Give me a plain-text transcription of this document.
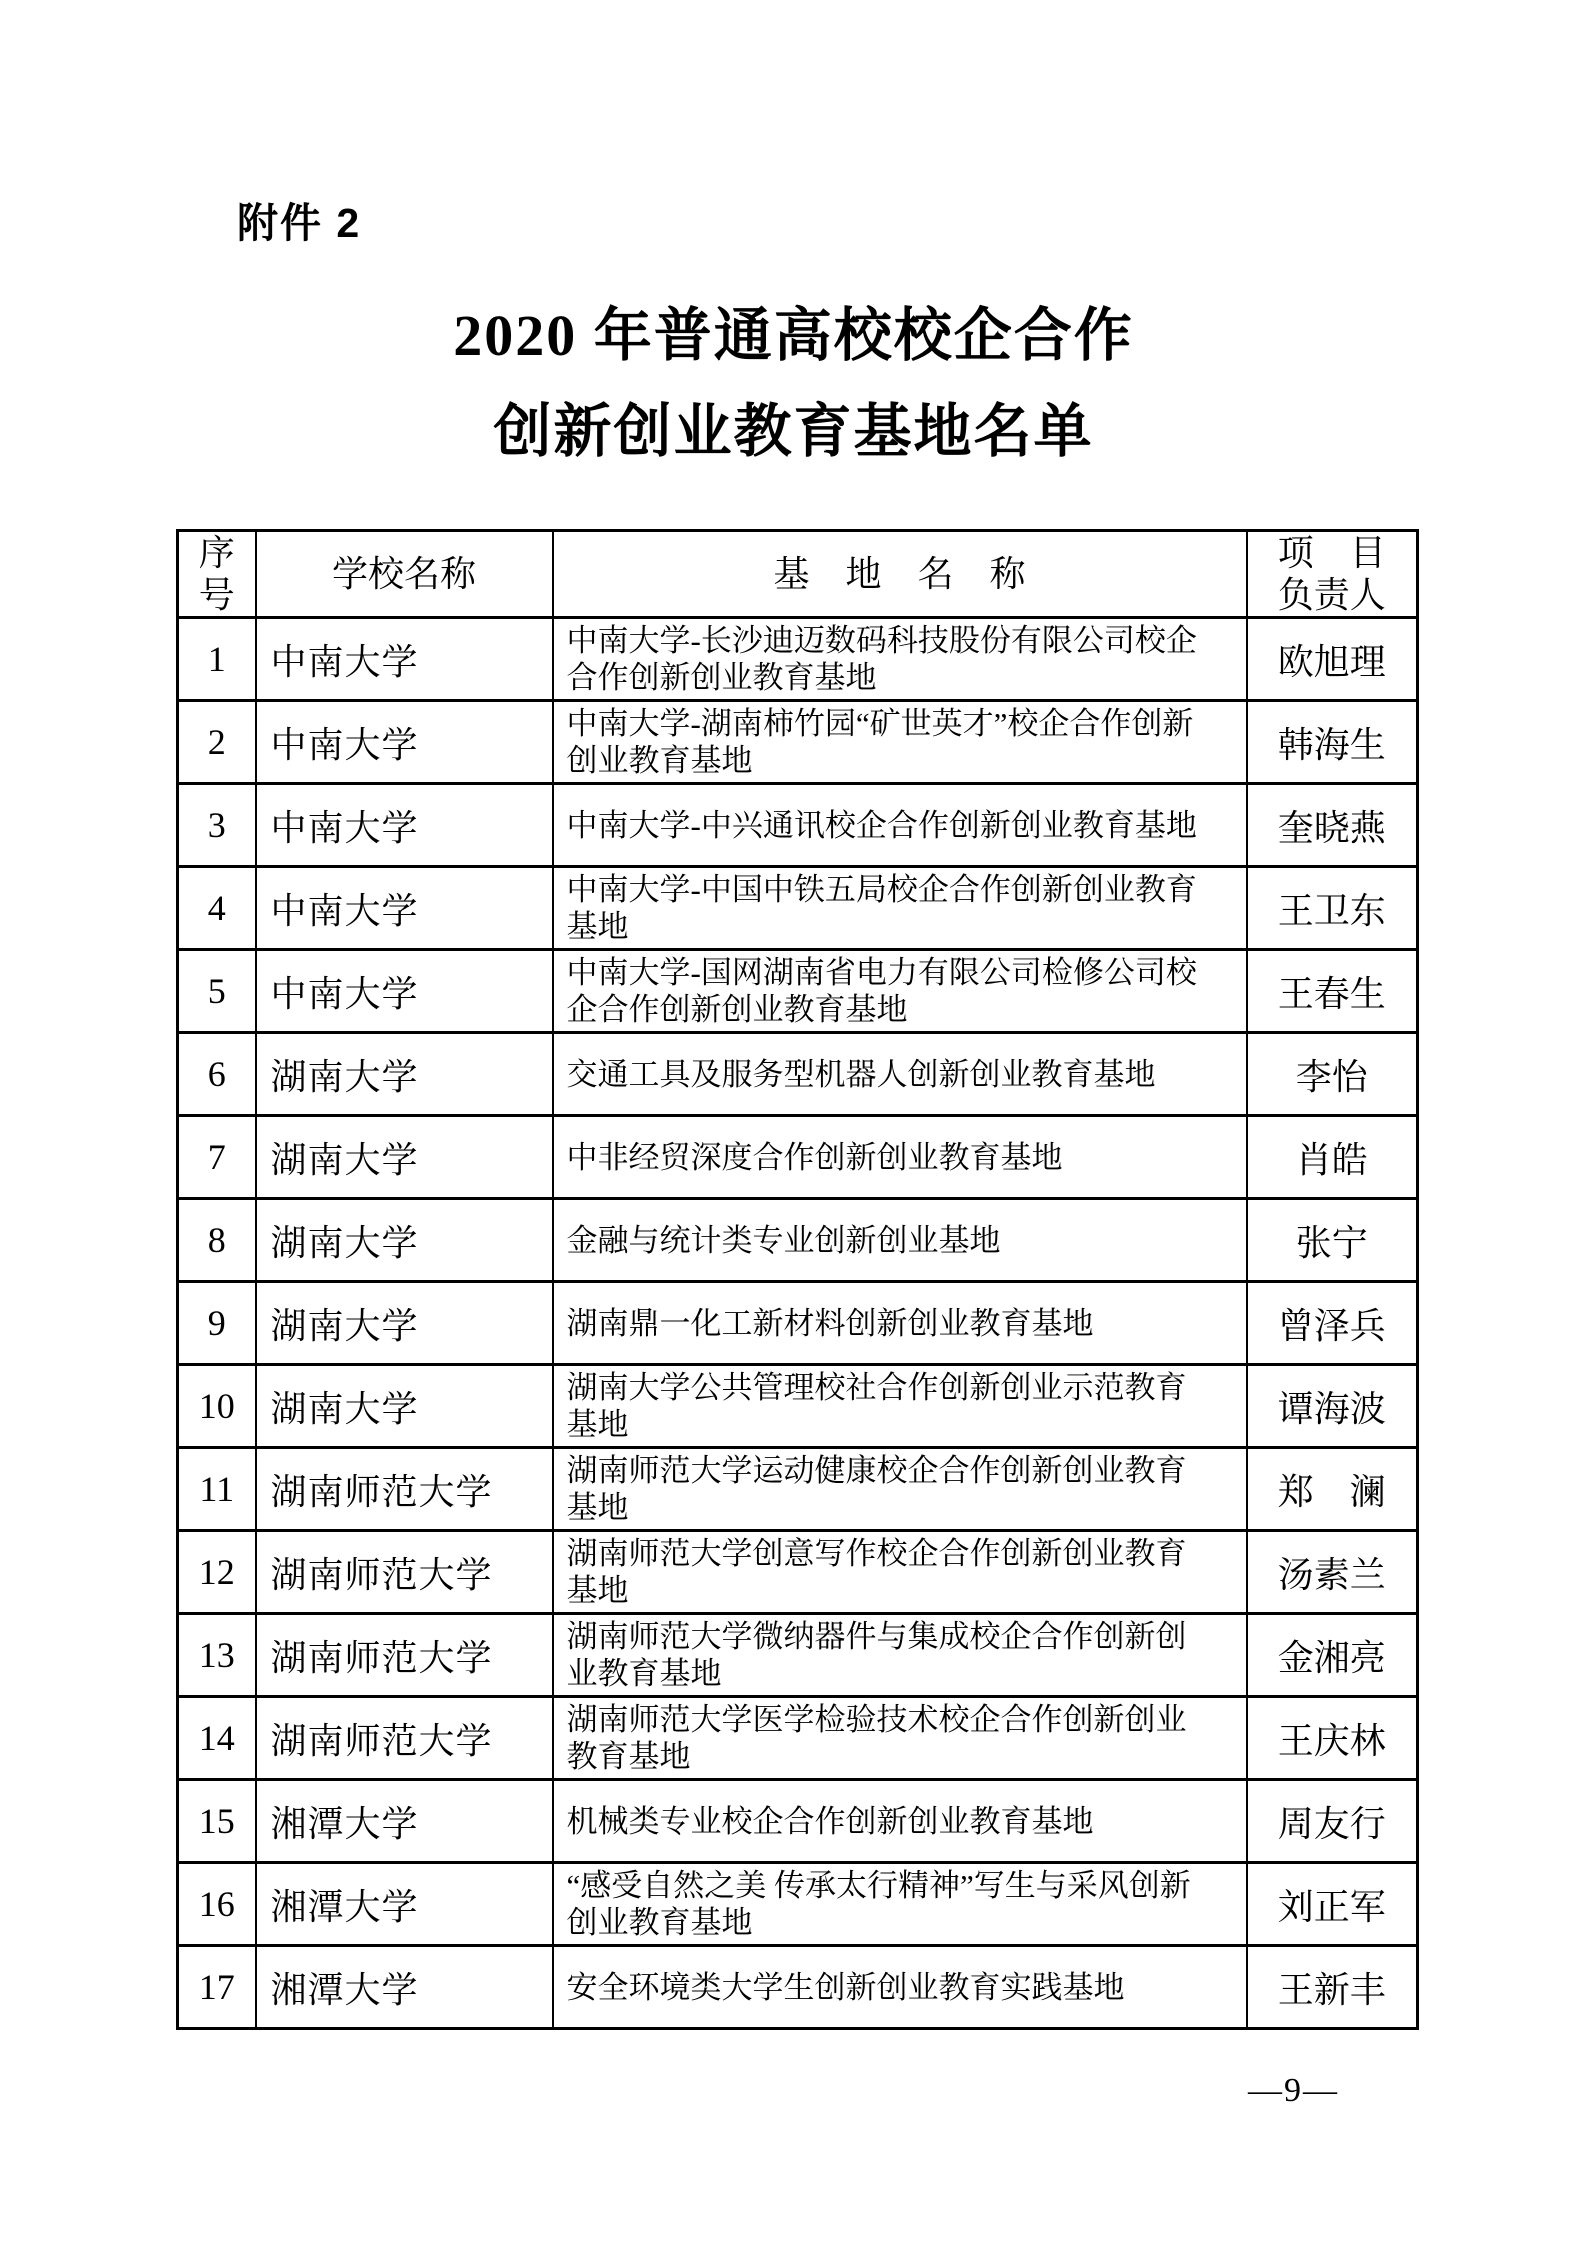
附件 2
2020 年普通高校校企合作
创新创业教育基地名单
序号	学校名称	基　地　名　称	项　目
负责人

1	中南大学	中南大学-长沙迪迈数码科技股份有限公司校企合作创新创业教育基地	欧旭理
2	中南大学	中南大学-湖南柿竹园“矿世英才”校企合作创新创业教育基地	韩海生
3	中南大学	中南大学-中兴通讯校企合作创新创业教育基地	奎晓燕
4	中南大学	中南大学-中国中铁五局校企合作创新创业教育基地	王卫东
5	中南大学	中南大学-国网湖南省电力有限公司检修公司校企合作创新创业教育基地	王春生
6	湖南大学	交通工具及服务型机器人创新创业教育基地	李怡
7	湖南大学	中非经贸深度合作创新创业教育基地	肖皓
8	湖南大学	金融与统计类专业创新创业基地	张宁
9	湖南大学	湖南鼎一化工新材料创新创业教育基地	曾泽兵
10	湖南大学	湖南大学公共管理校社合作创新创业示范教育基地	谭海波
11	湖南师范大学	湖南师范大学运动健康校企合作创新创业教育基地	郑　澜
12	湖南师范大学	湖南师范大学创意写作校企合作创新创业教育基地	汤素兰
13	湖南师范大学	湖南师范大学微纳器件与集成校企合作创新创业教育基地	金湘亮
14	湖南师范大学	湖南师范大学医学检验技术校企合作创新创业教育基地	王庆林
15	湘潭大学	机械类专业校企合作创新创业教育基地	周友行
16	湘潭大学	“感受自然之美 传承太行精神”写生与采风创新创业教育基地	刘正军
17	湘潭大学	安全环境类大学生创新创业教育实践基地	王新丰
—9—
